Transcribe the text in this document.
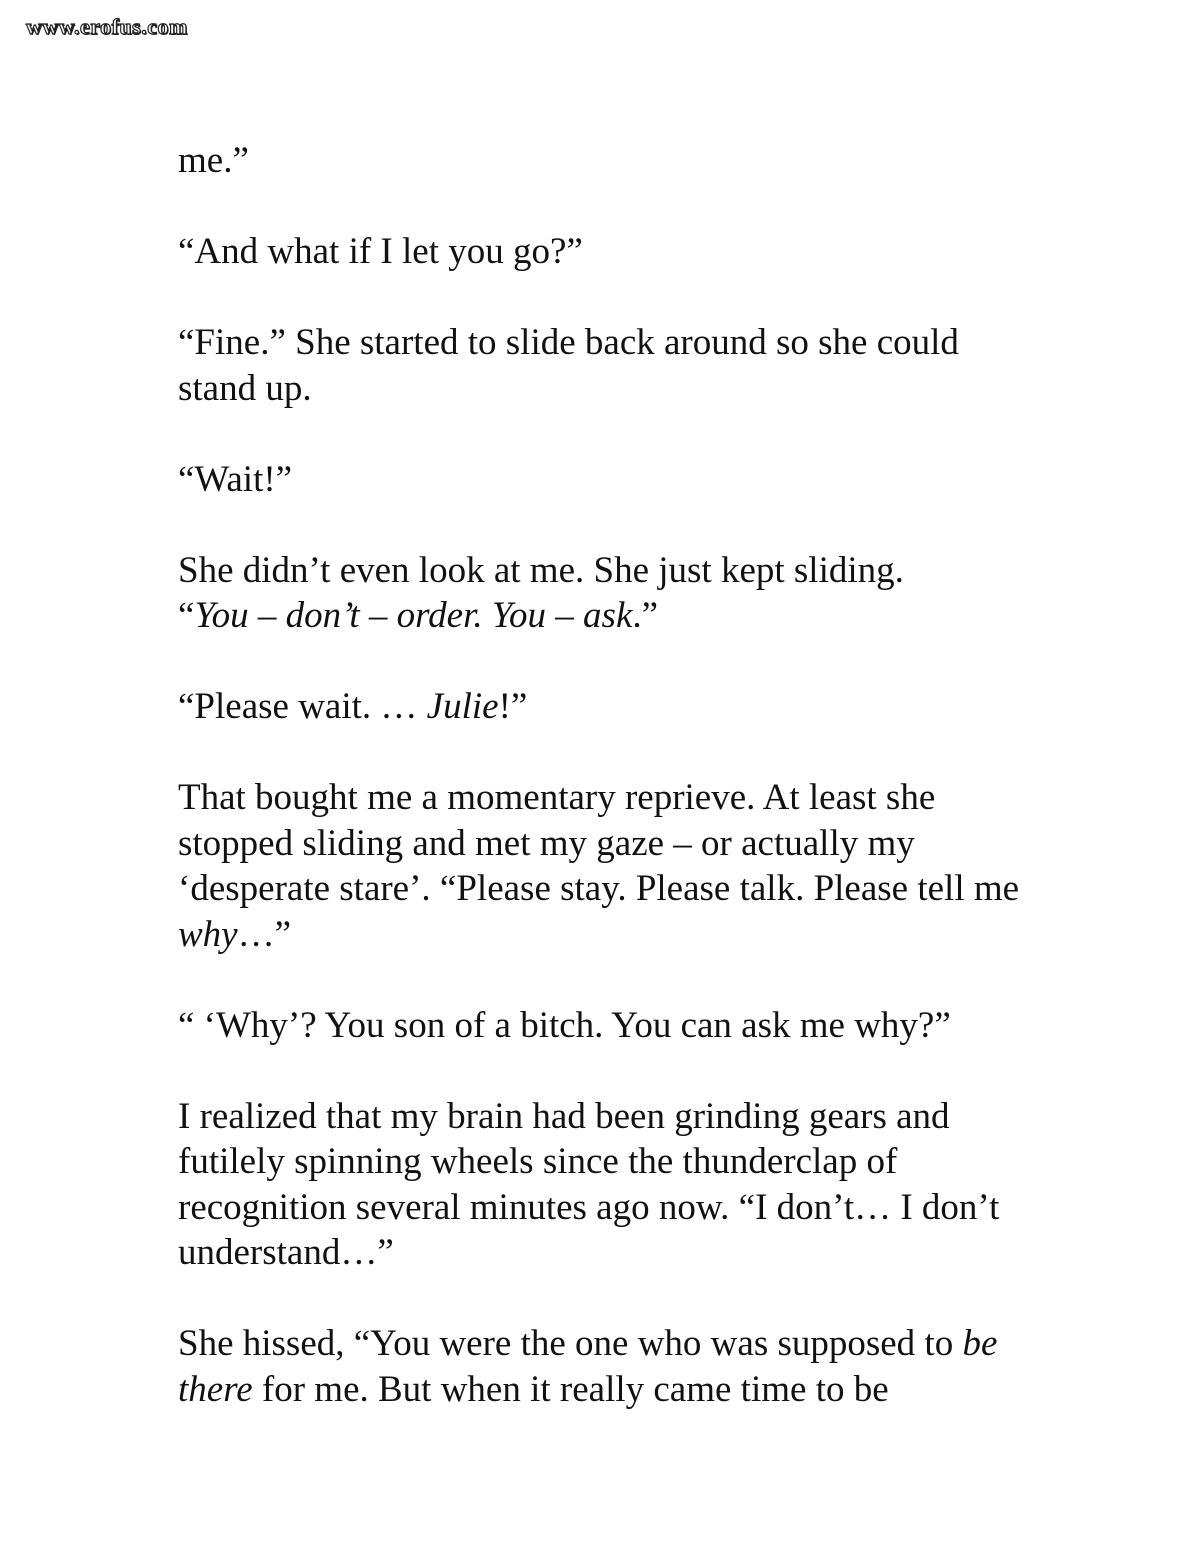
www.erofus.com

me.”

“And what if I let you go?”

“Fine.” She started to slide back around so she could stand up.

“Wait!”

She didn’t even look at me. She just kept sliding.
“You – don’t – order. You – ask.”

“Please wait. … Julie!”

That bought me a momentary reprieve. At least she stopped sliding and met my gaze – or actually my ‘desperate stare’. “Please stay. Please talk. Please tell me why…”

“ ‘Why’? You son of a bitch. You can ask me why?”

I realized that my brain had been grinding gears and futilely spinning wheels since the thunderclap of recognition several minutes ago now. “I don’t… I don’t understand…”

She hissed, “You were the one who was supposed to be there for me. But when it really came time to be
